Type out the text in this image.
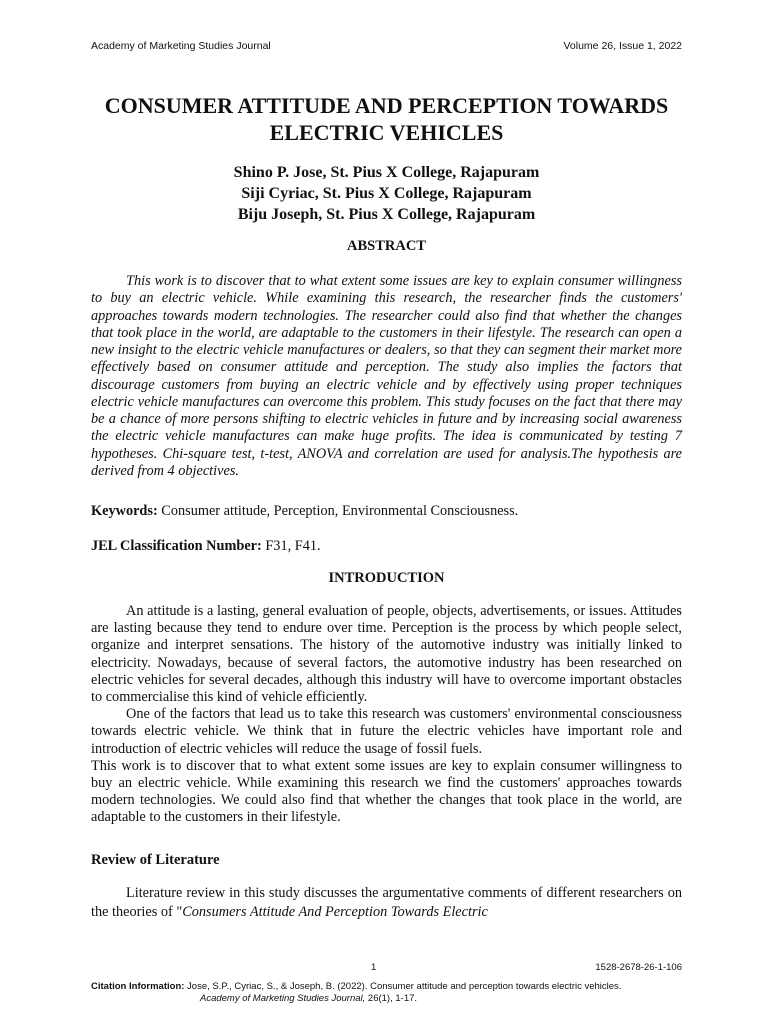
Academy of Marketing Studies Journal	Volume 26, Issue 1, 2022
CONSUMER ATTITUDE AND PERCEPTION TOWARDS ELECTRIC VEHICLES
Shino P. Jose, St. Pius X College, Rajapuram
Siji Cyriac, St. Pius X College, Rajapuram
Biju Joseph, St. Pius X College, Rajapuram
ABSTRACT

This work is to discover that to what extent some issues are key to explain consumer willingness to buy an electric vehicle. While examining this research, the researcher finds the customers' approaches towards modern technologies. The researcher could also find that whether the changes that took place in the world, are adaptable to the customers in their lifestyle. The research can open a new insight to the electric vehicle manufactures or dealers, so that they can segment their market more effectively based on consumer attitude and perception. The study also implies the factors that discourage customers from buying an electric vehicle and by effectively using proper techniques electric vehicle manufactures can overcome this problem. This study focuses on the fact that there may be a chance of more persons shifting to electric vehicles in future and by increasing social awareness the electric vehicle manufactures can make huge profits. The idea is communicated by testing 7 hypotheses. Chi-square test, t-test, ANOVA and correlation are used for analysis.The hypothesis are derived from 4 objectives.

Keywords: Consumer attitude, Perception, Environmental Consciousness.
JEL Classification Number: F31, F41.
INTRODUCTION

An attitude is a lasting, general evaluation of people, objects, advertisements, or issues. Attitudes are lasting because they tend to endure over time. Perception is the process by which people select, organize and interpret sensations. The history of the automotive industry was initially linked to electricity. Nowadays, because of several factors, the automotive industry has been researched on electric vehicles for several decades, although this industry will have to overcome important obstacles to commercialise this kind of vehicle efficiently.

One of the factors that lead us to take this research was customers' environmental consciousness towards electric vehicle. We think that in future the electric vehicles have important role and introduction of electric vehicles will reduce the usage of fossil fuels.

This work is to discover that to what extent some issues are key to explain consumer willingness to buy an electric vehicle. While examining this research we find the customers' approaches towards modern technologies. We could also find that whether the changes that took place in the world, are adaptable to the customers in their lifestyle.

Review of Literature

Literature review in this study discusses the argumentative comments of different researchers on the theories of "Consumers Attitude And Perception Towards Electric

1	1528-2678-26-1-106
Citation Information: Jose, S.P., Cyriac, S., & Joseph, B. (2022). Consumer attitude and perception towards electric vehicles.
Academy of Marketing Studies Journal, 26(1), 1-17.
